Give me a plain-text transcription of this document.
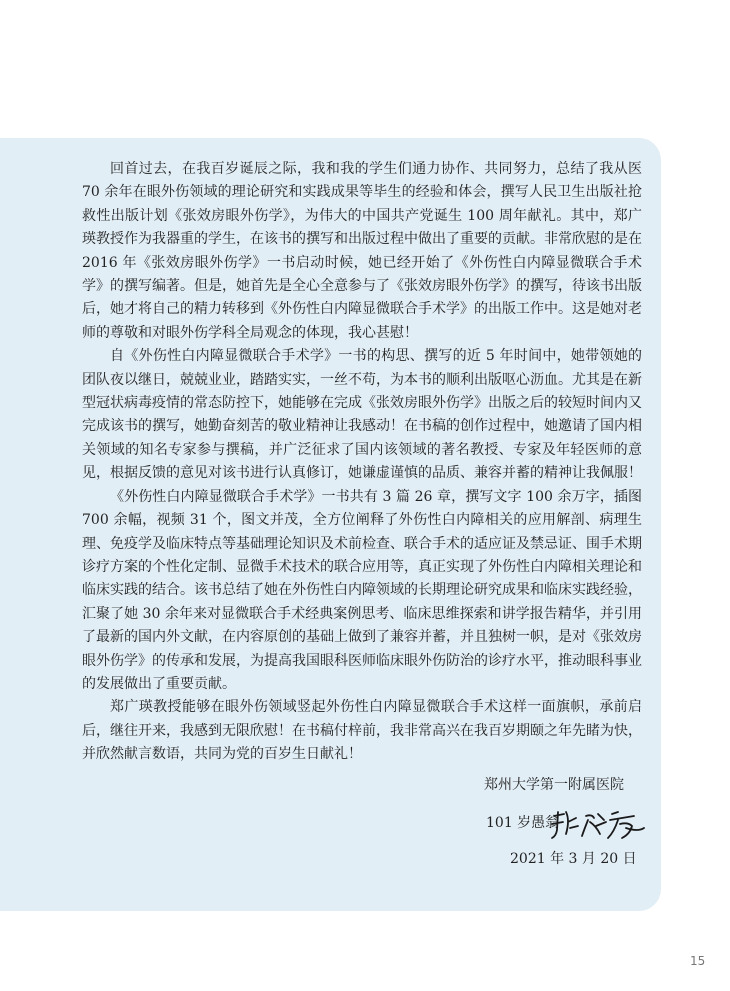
回首过去，在我百岁诞辰之际，我和我的学生们通力协作、共同努力，总结了我从医 70 余年在眼外伤领域的理论研究和实践成果等毕生的经验和体会，撰写人民卫生出版社抢救性出版计划《张效房眼外伤学》，为伟大的中国共产党诞生 100 周年献礼。其中，郑广瑛教授作为我器重的学生，在该书的撰写和出版过程中做出了重要的贡献。非常欣慰的是在 2016 年《张效房眼外伤学》一书启动时候，她已经开始了《外伤性白内障显微联合手术学》的撰写编著。但是，她首先是全心全意参与了《张效房眼外伤学》的撰写，待该书出版后，她才将自己的精力转移到《外伤性白内障显微联合手术学》的出版工作中。这是她对老师的尊敬和对眼外伤学科全局观念的体现，我心甚慰！

自《外伤性白内障显微联合手术学》一书的构思、撰写的近 5 年时间中，她带领她的团队夜以继日，兢兢业业，踏踏实实，一丝不苟，为本书的顺利出版呕心沥血。尤其是在新型冠状病毒疫情的常态防控下，她能够在完成《张效房眼外伤学》出版之后的较短时间内又完成该书的撰写，她勤奋刻苦的敬业精神让我感动！在书稿的创作过程中，她邀请了国内相关领域的知名专家参与撰稿，并广泛征求了国内该领域的著名教授、专家及年轻医师的意见，根据反馈的意见对该书进行认真修订，她谦虚谨慎的品质、兼容并蓄的精神让我佩服！

《外伤性白内障显微联合手术学》一书共有 3 篇 26 章，撰写文字 100 余万字，插图 700 余幅，视频 31 个，图文并茂，全方位阐释了外伤性白内障相关的应用解剖、病理生理、免疫学及临床特点等基础理论知识及术前检查、联合手术的适应证及禁忌证、围手术期诊疗方案的个性化定制、显微手术技术的联合应用等，真正实现了外伤性白内障相关理论和临床实践的结合。该书总结了她在外伤性白内障领域的长期理论研究成果和临床实践经验，汇聚了她 30 余年来对显微联合手术经典案例思考、临床思维探索和讲学报告精华，并引用了最新的国内外文献，在内容原创的基础上做到了兼容并蓄，并且独树一帜，是对《张效房眼外伤学》的传承和发展，为提高我国眼科医师临床眼外伤防治的诊疗水平，推动眼科事业的发展做出了重要贡献。

郑广瑛教授能够在眼外伤领域竖起外伤性白内障显微联合手术这样一面旗帜，承前启后，继往开来，我感到无限欣慰！在书稿付梓前，我非常高兴在我百岁期颐之年先睹为快，并欣然献言数语，共同为党的百岁生日献礼！

郑州大学第一附属医院
101 岁愚翁
2021 年 3 月 20 日
15
